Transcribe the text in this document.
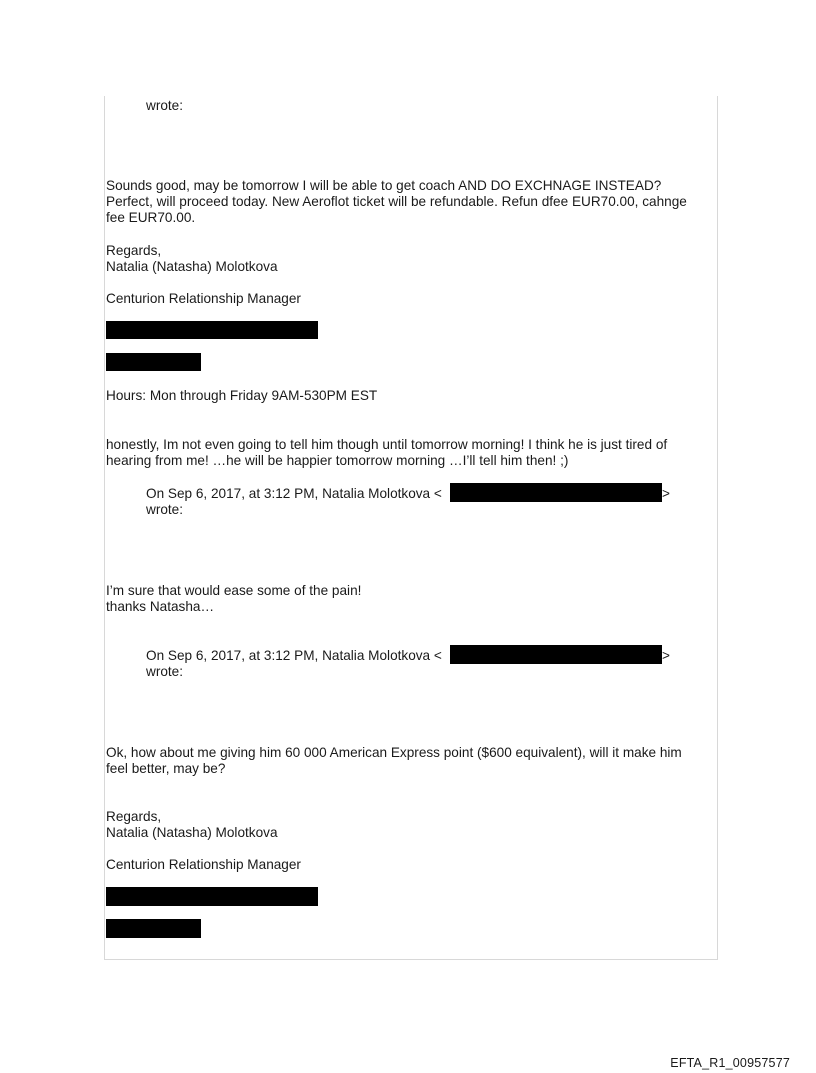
wrote:
Sounds good, may be tomorrow I will be able to get coach AND DO EXCHNAGE INSTEAD?
Perfect, will proceed today. New Aeroflot ticket will be refundable. Refun dfee EUR70.00, cahnge
fee EUR70.00.
Regards,
Natalia (Natasha) Molotkova
Centurion Relationship Manager
Hours: Mon through Friday 9AM-530PM EST
honestly, Im not even going to tell him though until tomorrow morning! I think he is just tired of
hearing from me! …he will be happier tomorrow morning …I’ll tell him then! ;)
On Sep 6, 2017, at 3:12 PM, Natalia Molotkova <	>
wrote:
I’m sure that would ease some of the pain!
thanks Natasha…
On Sep 6, 2017, at 3:12 PM, Natalia Molotkova <	>
wrote:
Ok, how about me giving him 60 000 American Express point ($600 equivalent), will it make him
feel better, may be?
Regards,
Natalia (Natasha) Molotkova
Centurion Relationship Manager
EFTA_R1_00957577
